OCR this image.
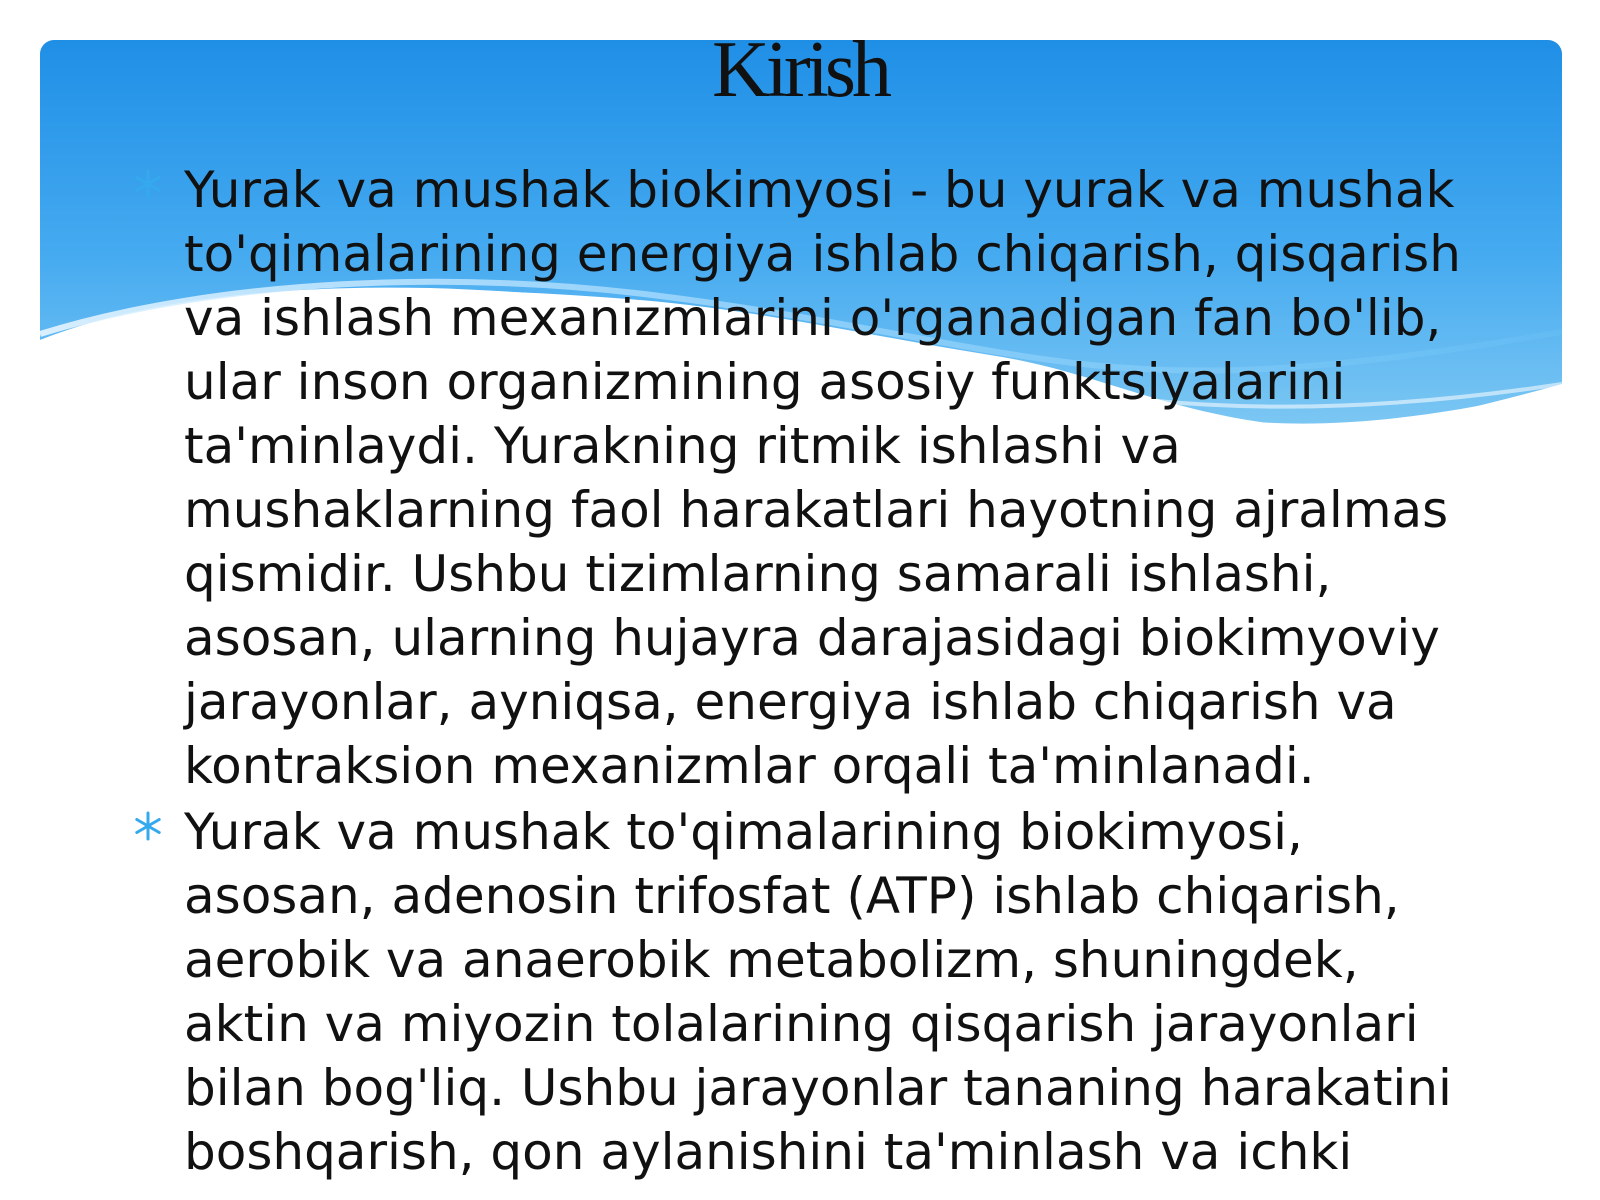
Kirish
Yurak va mushak biokimyosi - bu yurak va mushak to'qimalarining energiya ishlab chiqarish, qisqarish va ishlash mexanizmlarini o'rganadigan fan bo'lib, ular inson organizmining asosiy funktsiyalarini ta'minlaydi. Yurakning ritmik ishlashi va mushaklarning faol harakatlari hayotning ajralmas qismidir. Ushbu tizimlarning samarali ishlashi, asosan, ularning hujayra darajasidagi biokimyoviy jarayonlar, ayniqsa, energiya ishlab chiqarish va kontraksion mexanizmlar orqali ta'minlanadi.
Yurak va mushak to'qimalarining biokimyosi, asosan, adenosin trifosfat (ATP) ishlab chiqarish, aerobik va anaerobik metabolizm, shuningdek, aktin va miyozin tolalarining qisqarish jarayonlari bilan bog'liq. Ushbu jarayonlar tananing harakatini boshqarish, qon aylanishini ta'minlash va ichki
